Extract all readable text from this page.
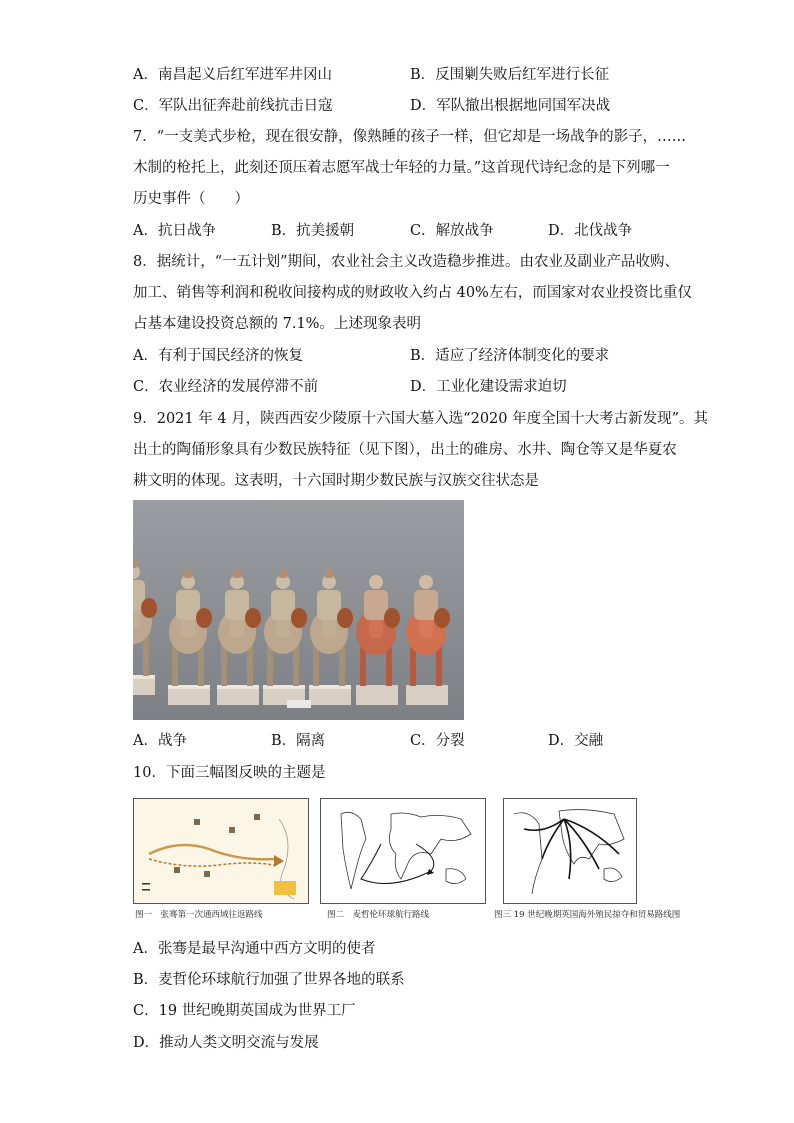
A．南昌起义后红军进军井冈山	B．反围剿失败后红军进行长征
C．军队出征奔赴前线抗击日寇	D．军队撤出根据地同国军决战
7．“一支美式步枪，现在很安静，像熟睡的孩子一样，但它却是一场战争的影子，……
木制的枪托上，此刻还顶压着志愿军战士年轻的力量。”这首现代诗纪念的是下列哪一
历史事件（　　）
A．抗日战争	B．抗美援朝	C．解放战争	D．北伐战争
8．据统计，“一五计划”期间，农业社会主义改造稳步推进。由农业及副业产品收购、
加工、销售等利润和税收间接构成的财政收入约占 40%左右，而国家对农业投资比重仅
占基本建设投资总额的 7.1%。上述现象表明
A．有利于国民经济的恢复	B．适应了经济体制变化的要求
C．农业经济的发展停滞不前	D．工业化建设需求迫切
9．2021 年 4 月，陕西西安少陵原十六国大墓入选“2020 年度全国十大考古新发现”。其
出土的陶俑形象具有少数民族特征（见下图），出土的碓房、水井、陶仓等又是华夏农
耕文明的体现。这表明，十六国时期少数民族与汉族交往状态是
A．战争	B．隔离	C．分裂	D．交融
10．下面三幅图反映的主题是
图一　张骞第一次通西域往返路线	图二　麦哲伦环球航行路线	图三 19 世纪晚期英国海外殖民掠夺和贸易路线图
A．张骞是最早沟通中西方文明的使者
B．麦哲伦环球航行加强了世界各地的联系
C．19 世纪晚期英国成为世界工厂
D．推动人类文明交流与发展
